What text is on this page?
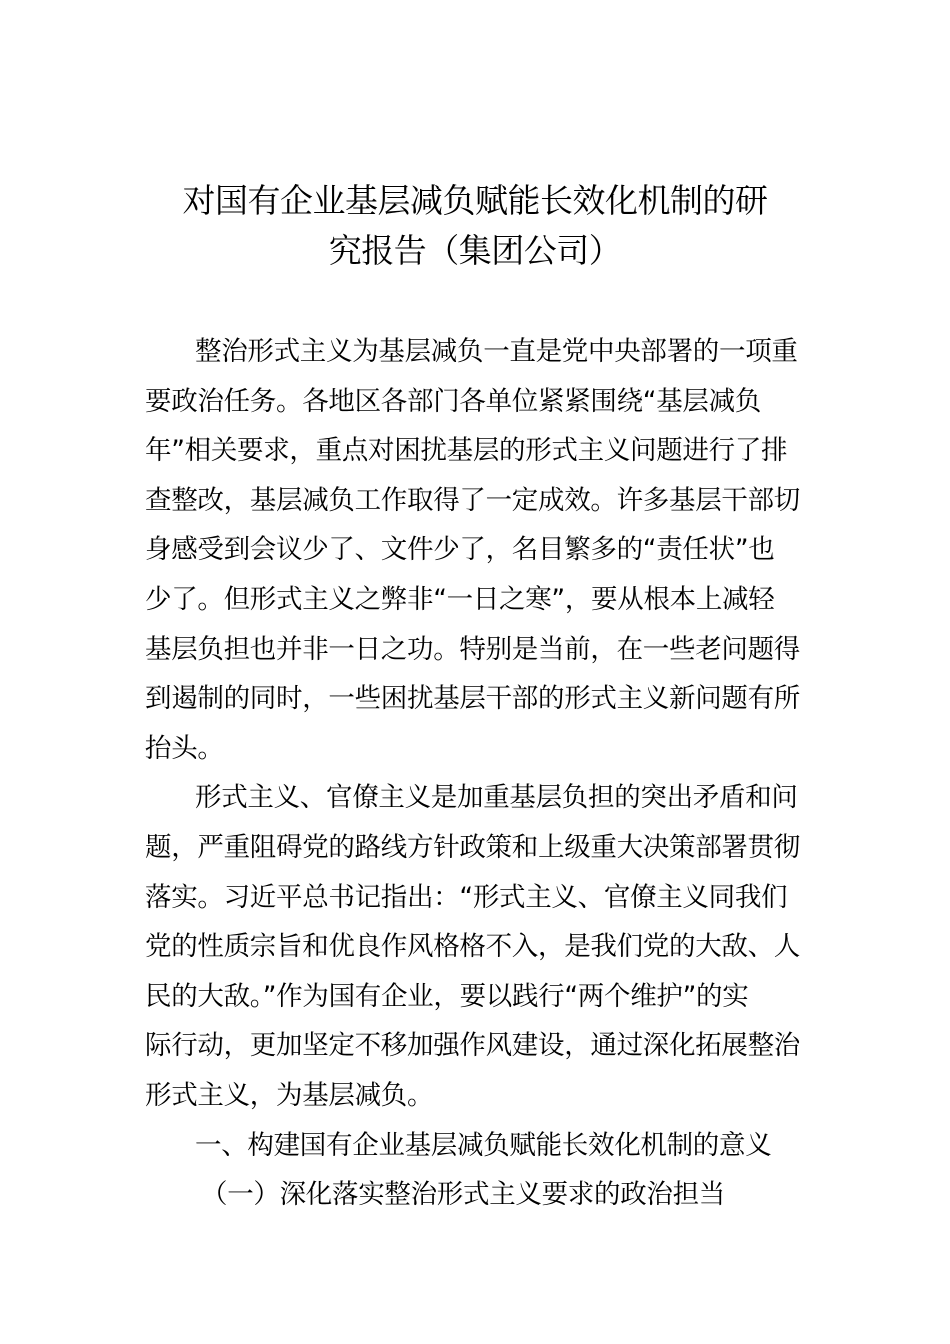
对国有企业基层减负赋能长效化机制的研
究报告（集团公司）
整治形式主义为基层减负一直是党中央部署的一项重
要政治任务。各地区各部门各单位紧紧围绕“基层减负
年”相关要求，重点对困扰基层的形式主义问题进行了排
查整改，基层减负工作取得了一定成效。许多基层干部切
身感受到会议少了、文件少了，名目繁多的“责任状”也
少了。但形式主义之弊非“一日之寒”，要从根本上减轻
基层负担也并非一日之功。特别是当前，在一些老问题得
到遏制的同时，一些困扰基层干部的形式主义新问题有所
抬头。
形式主义、官僚主义是加重基层负担的突出矛盾和问
题，严重阻碍党的路线方针政策和上级重大决策部署贯彻
落实。习近平总书记指出：“形式主义、官僚主义同我们
党的性质宗旨和优良作风格格不入，是我们党的大敌、人
民的大敌。”作为国有企业，要以践行“两个维护”的实
际行动，更加坚定不移加强作风建设，通过深化拓展整治
形式主义，为基层减负。
一、构建国有企业基层减负赋能长效化机制的意义
（一）深化落实整治形式主义要求的政治担当
